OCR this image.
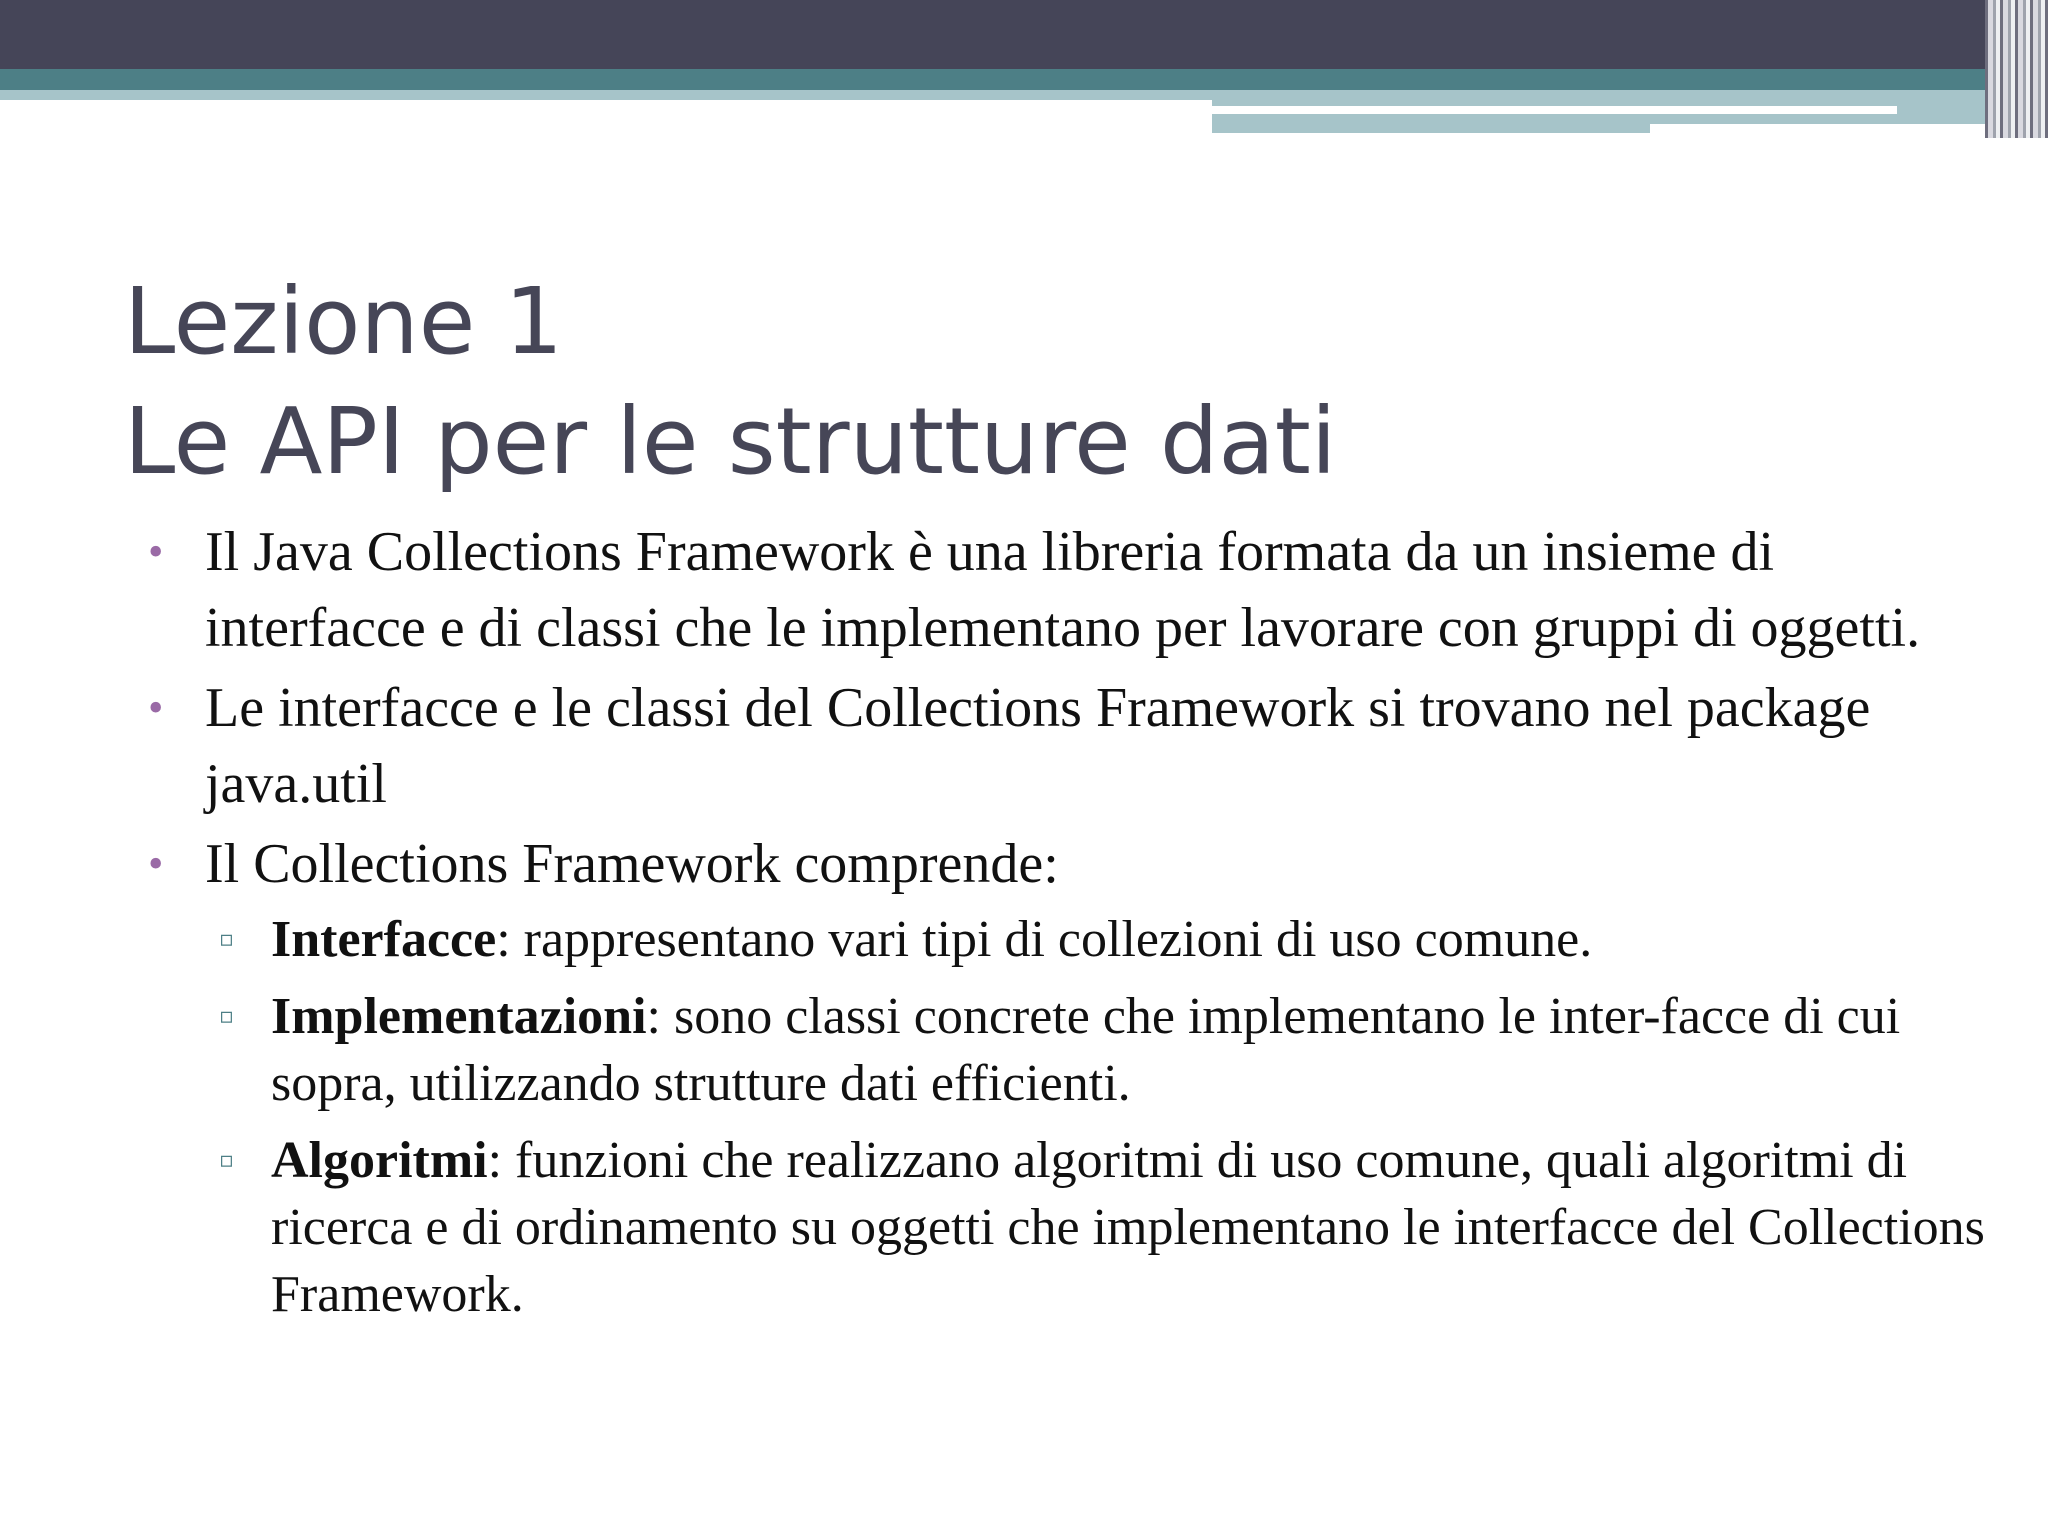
Lezione 1
Le API per le strutture dati
• Il Java Collections Framework è una libreria formata da un insieme di interfacce e di classi che le implementano per lavorare con gruppi di oggetti.
• Le interfacce e le classi del Collections Framework si trovano nel package java.util
• Il Collections Framework comprende:
▫ Interfacce: rappresentano vari tipi di collezioni di uso comune.
▫ Implementazioni: sono classi concrete che implementano le inter-facce di cui sopra, utilizzando strutture dati efficienti.
▫ Algoritmi: funzioni che realizzano algoritmi di uso comune, quali algoritmi di ricerca e di ordinamento su oggetti che implementano le interfacce del Collections Framework.
